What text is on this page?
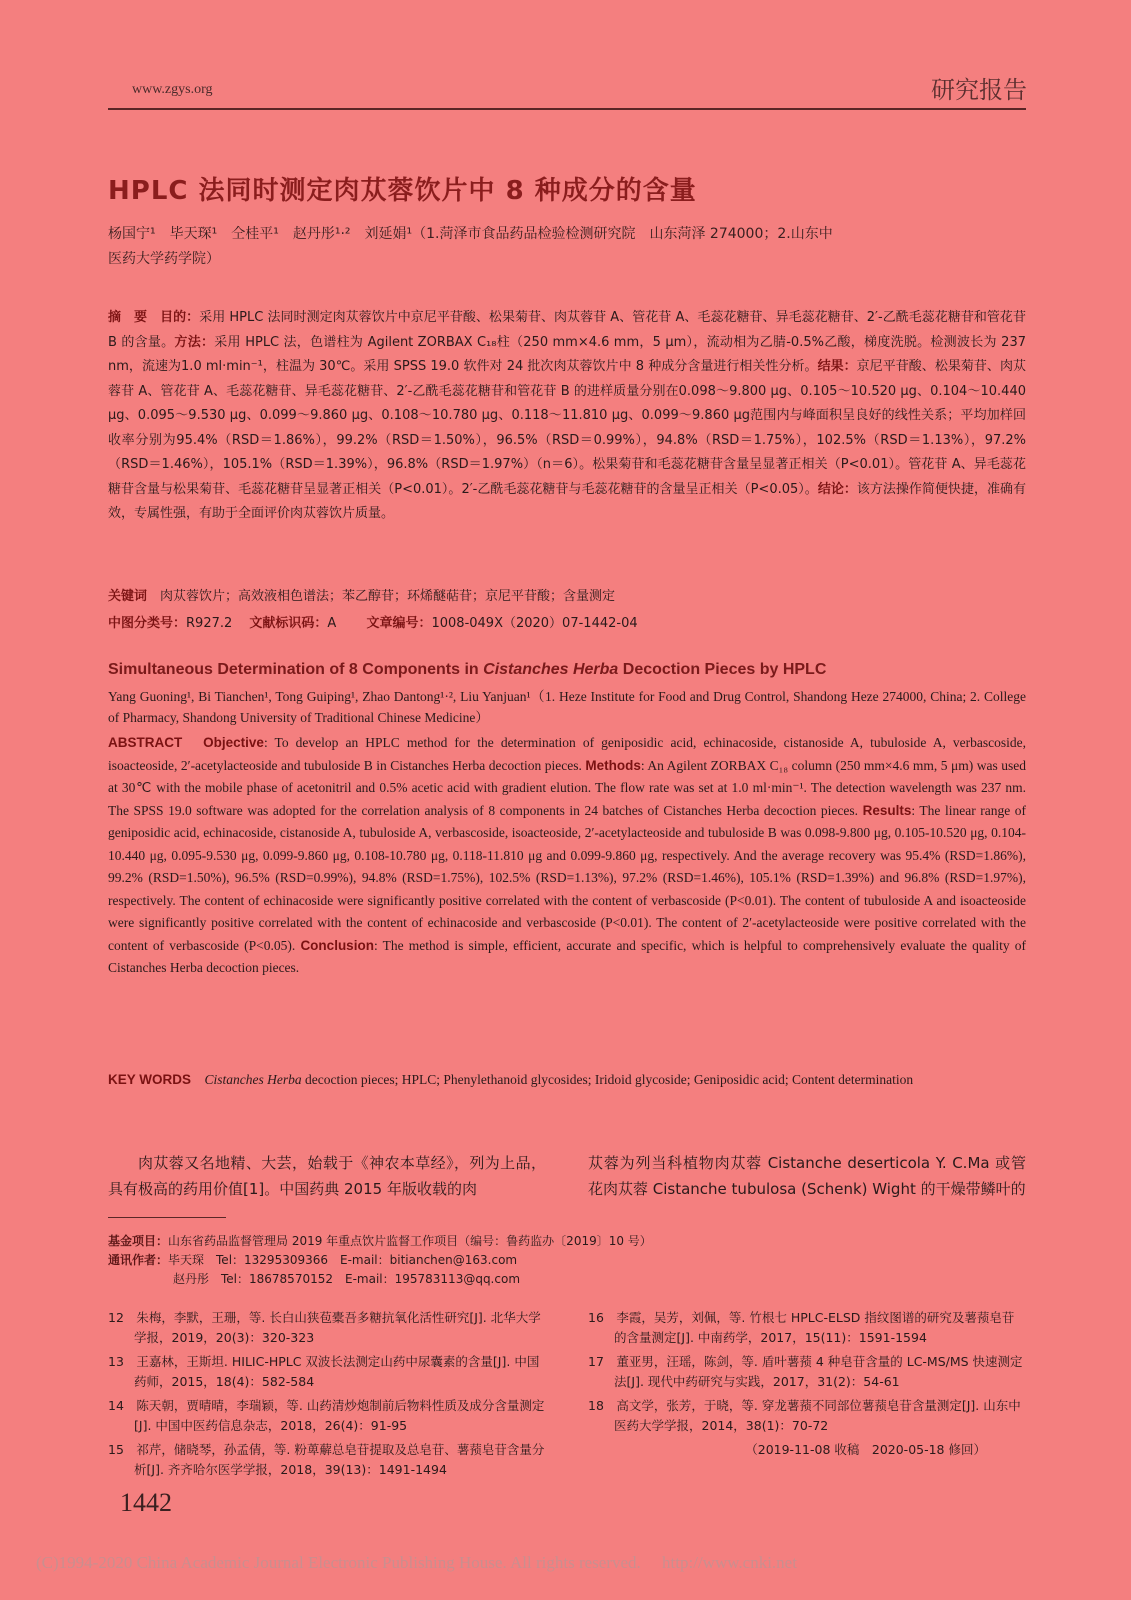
www.zgys.org	研究报告
HPLC 法同时测定肉苁蓉饮片中 8 种成分的含量
杨国宁¹　毕天琛¹　仝桂平¹　赵丹彤¹·²　刘延娟¹（1.菏泽市食品药品检验检测研究院　山东菏泽 274000；2.山东中
医药大学药学院）
摘　要　 目的：采用 HPLC 法同时测定肉苁蓉饮片中京尼平苷酸、松果菊苷、肉苁蓉苷 A、管花苷 A、毛蕊花糖苷、异毛蕊花糖苷、2′-乙酰毛蕊花糖苷和管花苷 B 的含量。方法：采用 HPLC 法，色谱柱为 Agilent ZORBAX C₁₈柱（250 mm×4.6 mm，5 μm），流动相为乙腈-0.5%乙酸，梯度洗脱。检测波长为 237 nm，流速为1.0 ml·min⁻¹，柱温为 30℃。采用 SPSS 19.0 软件对 24 批次肉苁蓉饮片中 8 种成分含量进行相关性分析。结果：京尼平苷酸、松果菊苷、肉苁蓉苷 A、管花苷 A、毛蕊花糖苷、异毛蕊花糖苷、2′-乙酰毛蕊花糖苷和管花苷 B 的进样质量分别在0.098～9.800 μg、0.105～10.520 μg、0.104～10.440 μg、0.095～9.530 μg、0.099～9.860 μg、0.108～10.780 μg、0.118～11.810 μg、0.099～9.860 μg范围内与峰面积呈良好的线性关系；平均加样回收率分别为95.4%（RSD＝1.86%），99.2%（RSD＝1.50%），96.5%（RSD＝0.99%），94.8%（RSD＝1.75%），102.5%（RSD＝1.13%），97.2%（RSD＝1.46%），105.1%（RSD＝1.39%），96.8%（RSD＝1.97%）（n＝6）。松果菊苷和毛蕊花糖苷含量呈显著正相关（P<0.01）。管花苷 A、异毛蕊花糖苷含量与松果菊苷、毛蕊花糖苷呈显著正相关（P<0.01）。2′-乙酰毛蕊花糖苷与毛蕊花糖苷的含量呈正相关（P<0.05）。结论：该方法操作简便快捷，准确有效，专属性强，有助于全面评价肉苁蓉饮片质量。
关键词　 肉苁蓉饮片；高效液相色谱法；苯乙醇苷；环烯醚萜苷；京尼平苷酸；含量测定
中图分类号：R927.2　 文献标识码：A　　 文章编号：1008-049X（2020）07-1442-04
Simultaneous Determination of 8 Components in Cistanches Herba Decoction Pieces by HPLC
Yang Guoning¹, Bi Tianchen¹, Tong Guiping¹, Zhao Dantong¹·², Liu Yanjuan¹（1. Heze Institute for Food and Drug Control, Shandong Heze 274000, China; 2. College of Pharmacy, Shandong University of Traditional Chinese Medicine）
ABSTRACT　 Objective: To develop an HPLC method for the determination of geniposidic acid, echinacoside, cistanoside A, tubuloside A, verbascoside, isoacteoside, 2′-acetylacteoside and tubuloside B in Cistanches Herba decoction pieces. Methods: An Agilent ZORBAX C₁₈ column (250 mm×4.6 mm, 5 μm) was used at 30℃ with the mobile phase of acetonitril and 0.5% acetic acid with gradient elution. The flow rate was set at 1.0 ml·min⁻¹. The detection wavelength was 237 nm. The SPSS 19.0 software was adopted for the correlation analysis of 8 components in 24 batches of Cistanches Herba decoction pieces. Results: The linear range of geniposidic acid, echinacoside, cistanoside A, tubuloside A, verbascoside, isoacteoside, 2′-acetylacteoside and tubuloside B was 0.098-9.800 μg, 0.105-10.520 μg, 0.104-10.440 μg, 0.095-9.530 μg, 0.099-9.860 μg, 0.108-10.780 μg, 0.118-11.810 μg and 0.099-9.860 μg, respectively. And the average recovery was 95.4% (RSD=1.86%), 99.2% (RSD=1.50%), 96.5% (RSD=0.99%), 94.8% (RSD=1.75%), 102.5% (RSD=1.13%), 97.2% (RSD=1.46%), 105.1% (RSD=1.39%) and 96.8% (RSD=1.97%), respectively. The content of echinacoside were significantly positive correlated with the content of verbascoside (P<0.01). The content of tubuloside A and isoacteoside were significantly positive correlated with the content of echinacoside and verbascoside (P<0.01). The content of 2′-acetylacteoside were positive correlated with the content of verbascoside (P<0.05). Conclusion: The method is simple, efficient, accurate and specific, which is helpful to comprehensively evaluate the quality of Cistanches Herba decoction pieces.
KEY WORDS　 Cistanches Herba decoction pieces; HPLC; Phenylethanoid glycosides; Iridoid glycoside; Geniposidic acid; Content determination
肉苁蓉又名地精、大芸，始载于《神农本草经》，列为上品，具有极高的药用价值[1]。中国药典 2015 年版收载的肉
苁蓉为列当科植物肉苁蓉 Cistanche deserticola Y. C.Ma 或管花肉苁蓉 Cistanche tubulosa (Schenk) Wight 的干燥带鳞叶的
基金项目：山东省药品监督管理局 2019 年重点饮片监督工作项目（编号：鲁药监办〔2019〕10 号）
通讯作者：毕天琛　Tel：13295309366　E-mail：bitianchen@163.com
赵丹彤　Tel：18678570152　E-mail：195783113@qq.com
12　朱梅，李默，王珊，等. 长白山狭苞橐吾多糖抗氧化活性研究[J]. 北华大学学报，2019，20(3)：320-323
13　王嘉林，王斯坦. HILIC-HPLC 双波长法测定山药中尿囊素的含量[J]. 中国药师，2015，18(4)：582-584
14　陈天朝，贾晴晴，李瑞颖，等. 山药清炒炮制前后物料性质及成分含量测定[J]. 中国中医药信息杂志，2018，26(4)：91-95
15　祁芹，储晓琴，孙孟倩，等. 粉萆薢总皂苷提取及总皂苷、薯蓣皂苷含量分析[J]. 齐齐哈尔医学学报，2018，39(13)：1491-1494
16　李霞，吴芳，刘佩，等. 竹根七 HPLC-ELSD 指纹图谱的研究及薯蓣皂苷的含量测定[J]. 中南药学，2017，15(11)：1591-1594
17　董亚男，汪瑶，陈剑，等. 盾叶薯蓣 4 种皂苷含量的 LC-MS/MS 快速测定法[J]. 现代中药研究与实践，2017，31(2)：54-61
18　高文学，张芳，于晓，等. 穿龙薯蓣不同部位薯蓣皂苷含量测定[J]. 山东中医药大学学报，2014，38(1)：70-72
（2019-11-08 收稿　2020-05-18 修回）
1442
(C)1994-2020 China Academic Journal Electronic Publishing House. All rights reserved.　 http://www.cnki.net
